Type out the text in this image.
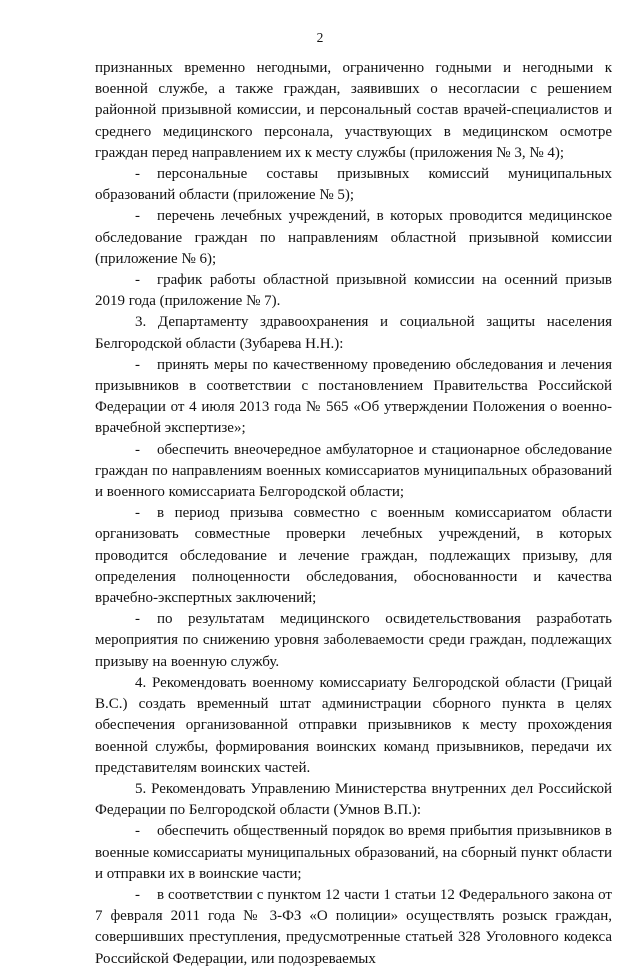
2

признанных временно негодными, ограниченно годными и негодными к военной службе, а также граждан, заявивших о несогласии с решением районной призывной комиссии, и персональный состав врачей-специалистов и среднего медицинского персонала, участвующих в медицинском осмотре граждан перед направлением их к месту службы (приложения № 3, № 4);

- персональные составы призывных комиссий муниципальных образований области (приложение № 5);

- перечень лечебных учреждений, в которых проводится медицинское обследование граждан по направлениям областной призывной комиссии (приложение № 6);

- график работы областной призывной комиссии на осенний призыв 2019 года (приложение № 7).

3. Департаменту здравоохранения и социальной защиты населения Белгородской области (Зубарева Н.Н.):

- принять меры по качественному проведению обследования и лечения призывников в соответствии с постановлением Правительства Российской Федерации от 4 июля 2013 года № 565 «Об утверждении Положения о военно-врачебной экспертизе»;

- обеспечить внеочередное амбулаторное и стационарное обследование граждан по направлениям военных комиссариатов муниципальных образований и военного комиссариата Белгородской области;

- в период призыва совместно с военным комиссариатом области организовать совместные проверки лечебных учреждений, в которых проводится обследование и лечение граждан, подлежащих призыву, для определения полноценности обследования, обоснованности и качества врачебно-экспертных заключений;

- по результатам медицинского освидетельствования разработать мероприятия по снижению уровня заболеваемости среди граждан, подлежащих призыву на военную службу.

4. Рекомендовать военному комиссариату Белгородской области (Грицай В.С.) создать временный штат администрации сборного пункта в целях обеспечения организованной отправки призывников к месту прохождения военной службы, формирования воинских команд призывников, передачи их представителям воинских частей.

5. Рекомендовать Управлению Министерства внутренних дел Российской Федерации по Белгородской области (Умнов В.П.):

- обеспечить общественный порядок во время прибытия призывников в военные комиссариаты муниципальных образований, на сборный пункт области и отправки их в воинские части;

- в соответствии с пунктом 12 части 1 статьи 12 Федерального закона от 7 февраля 2011 года № 3-ФЗ «О полиции» осуществлять розыск граждан, совершивших преступления, предусмотренные статьей 328 Уголовного кодекса Российской Федерации, или подозреваемых
